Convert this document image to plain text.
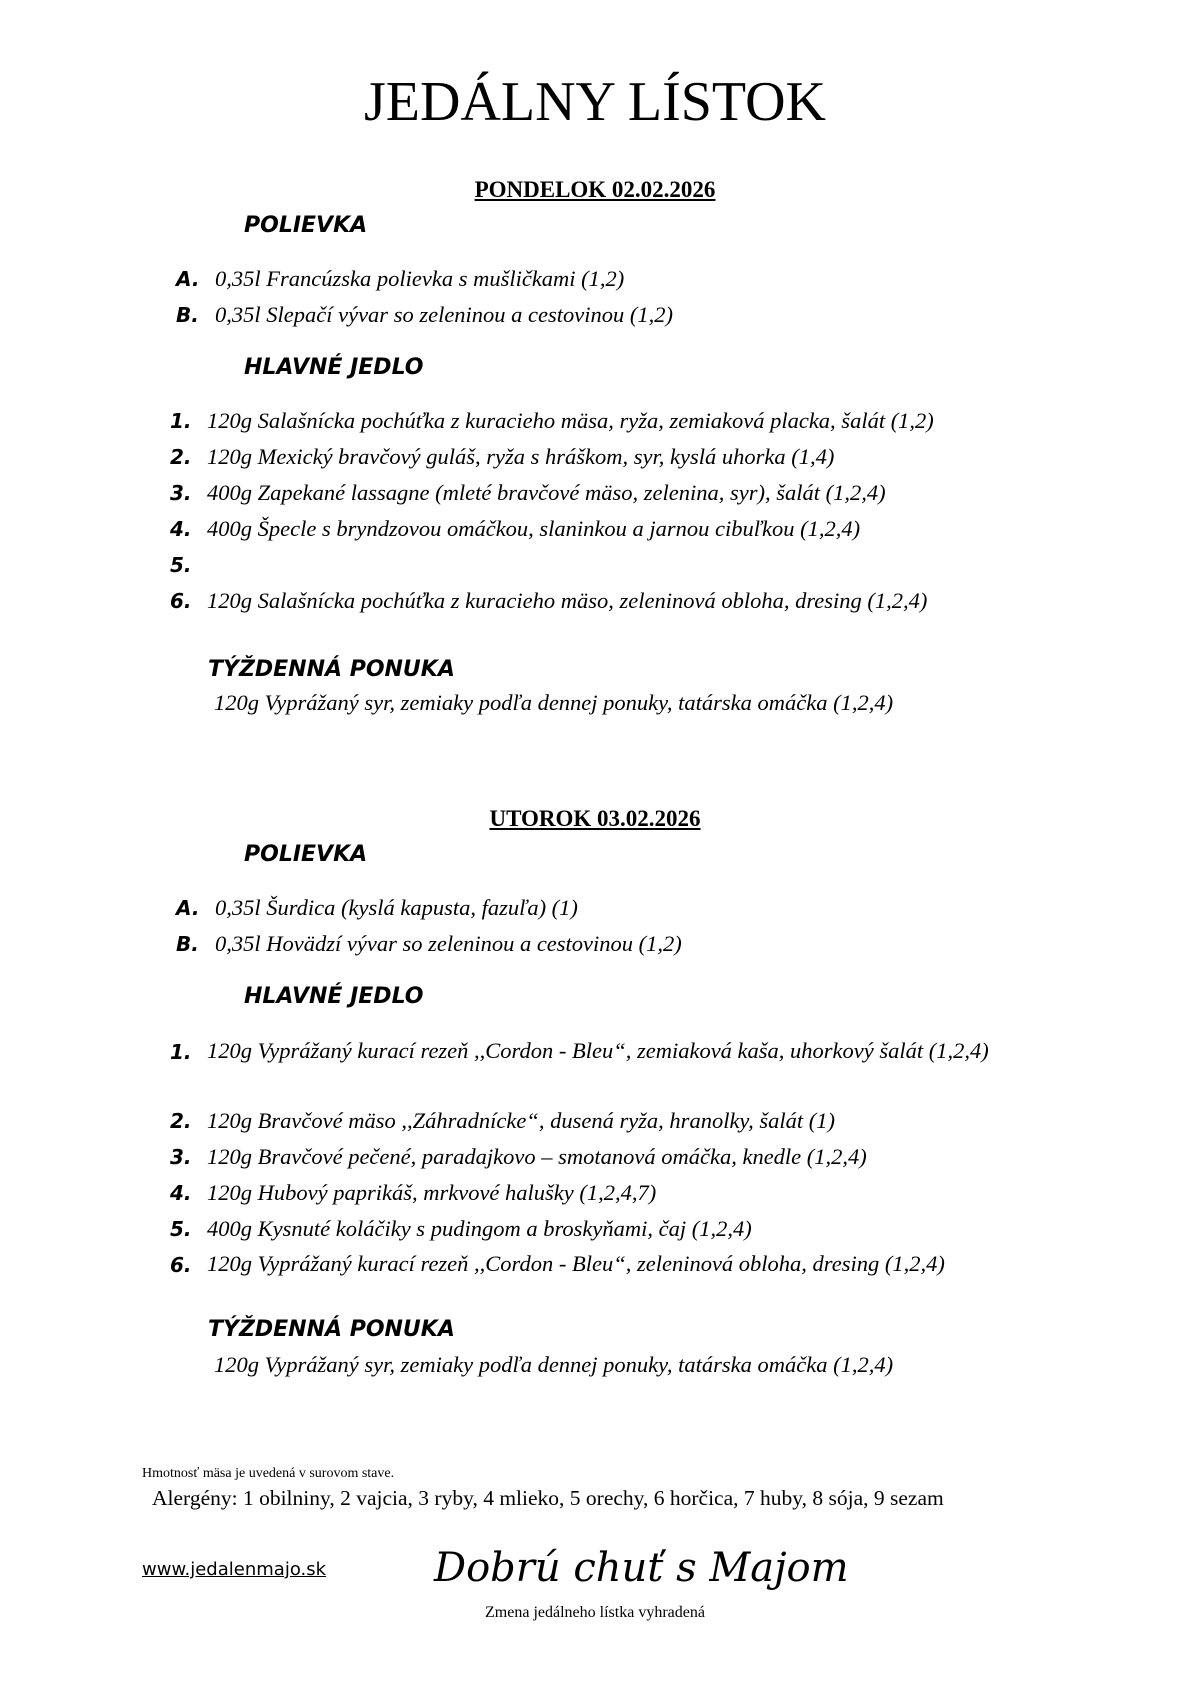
JEDÁLNY LÍSTOK
PONDELOK 02.02.2026
POLIEVKA
A. 0,35l Francúzska polievka s mušličkami (1,2)
B. 0,35l Slepačí vývar so zeleninou a cestovinou (1,2)
HLAVNÉ JEDLO
1. 120g Salašnícka pochúťka z kuracieho mäsa, ryža, zemiaková placka, šalát (1,2)
2. 120g Mexický bravčový guláš, ryža s hráškom, syr, kyslá uhorka (1,4)
3. 400g Zapekané lassagne (mleté bravčové mäso, zelenina, syr), šalát (1,2,4)
4. 400g Špecle s bryndzovou omáčkou, slaninkou a jarnou cibuľkou (1,2,4)
5.
6. 120g Salašnícka pochúťka z kuracieho mäso, zeleninová obloha, dresing (1,2,4)
TÝŽDENNÁ PONUKA
120g Vyprážaný syr, zemiaky podľa dennej ponuky, tatárska omáčka (1,2,4)
UTOROK 03.02.2026
POLIEVKA
A. 0,35l Šurdica (kyslá kapusta, fazuľa) (1)
B. 0,35l Hovädzí vývar so zeleninou a cestovinou (1,2)
HLAVNÉ JEDLO
1. 120g Vyprážaný kurací rezeň ,,Cordon - Bleu“, zemiaková kaša, uhorkový šalát (1,2,4)
2. 120g Bravčové mäso ,,Záhradnícke“, dusená ryža, hranolky, šalát (1)
3. 120g Bravčové pečené, paradajkovo – smotanová omáčka, knedle (1,2,4)
4. 120g Hubový paprikáš, mrkvové halušky (1,2,4,7)
5. 400g Kysnuté koláčiky s pudingom a broskyňami, čaj (1,2,4)
6. 120g Vyprážaný kurací rezeň ,,Cordon - Bleu“, zeleninová obloha, dresing (1,2,4)
TÝŽDENNÁ PONUKA
120g Vyprážaný syr, zemiaky podľa dennej ponuky, tatárska omáčka (1,2,4)
Hmotnosť mäsa je uvedená v surovom stave.
Alergény: 1 obilniny, 2 vajcia, 3 ryby, 4 mlieko, 5 orechy, 6 horčica, 7 huby, 8 sója, 9 sezam
www.jedalenmajo.sk	Dobrú chuť s Majom
Zmena jedálneho lístka vyhradená
